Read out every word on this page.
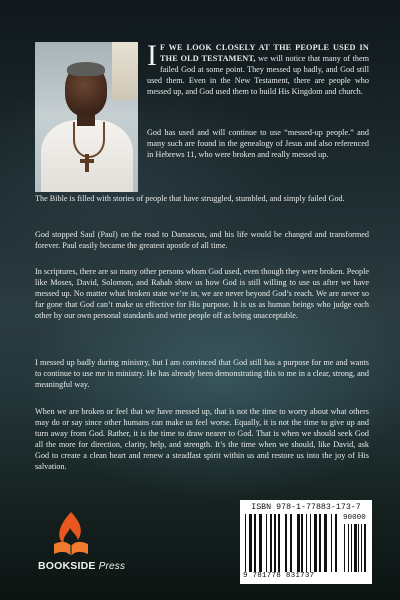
I F WE LOOK CLOSELY AT THE PEOPLE USED IN THE OLD TESTAMENT, we will notice that many of them failed God at some point. They messed up badly, and God still used them. Even in the New Testament, there are people who messed up, and God used them to build His Kingdom and church.

God has used and will continue to use “messed-up people.” and many such are found in the genealogy of Jesus and also referenced in Hebrews 11, who were broken and really messed up.

The Bible is filled with stories of people that have struggled, stumbled, and simply failed God.

God stopped Saul (Paul) on the road to Damascus, and his life would be changed and transformed forever. Paul easily became the greatest apostle of all time.

In scriptures, there are so many other persons whom God used, even though they were broken. People like Moses, David, Solomon, and Rahab show us how God is still willing to use us after we have messed up. No matter what broken state we’re in, we are never beyond God’s reach. We are never so far gone that God can’t make us effective for His purpose. It is us as human beings who judge each other by our own personal standards and write people off as being unacceptable.

I messed up badly during ministry, but I am convinced that God still has a purpose for me and wants to continue to use me in ministry. He has already been demonstrating this to me in a clear, strong, and meaningful way.

When we are broken or feel that we have messed up, that is not the time to worry about what others may do or say since other humans can make us feel worse. Equally, it is not the time to give up and turn away from God. Rather, it is the time to draw nearer to God. That is when we should seek God all the more for direction, clarity, help, and strength. It’s the time when we should, like David, ask God to create a clean heart and renew a steadfast spirit within us and restore us into the joy of His salvation.

BOOKSIDE Press
ISBN 978-1-77883-173-7
90000
9 781778 831737
